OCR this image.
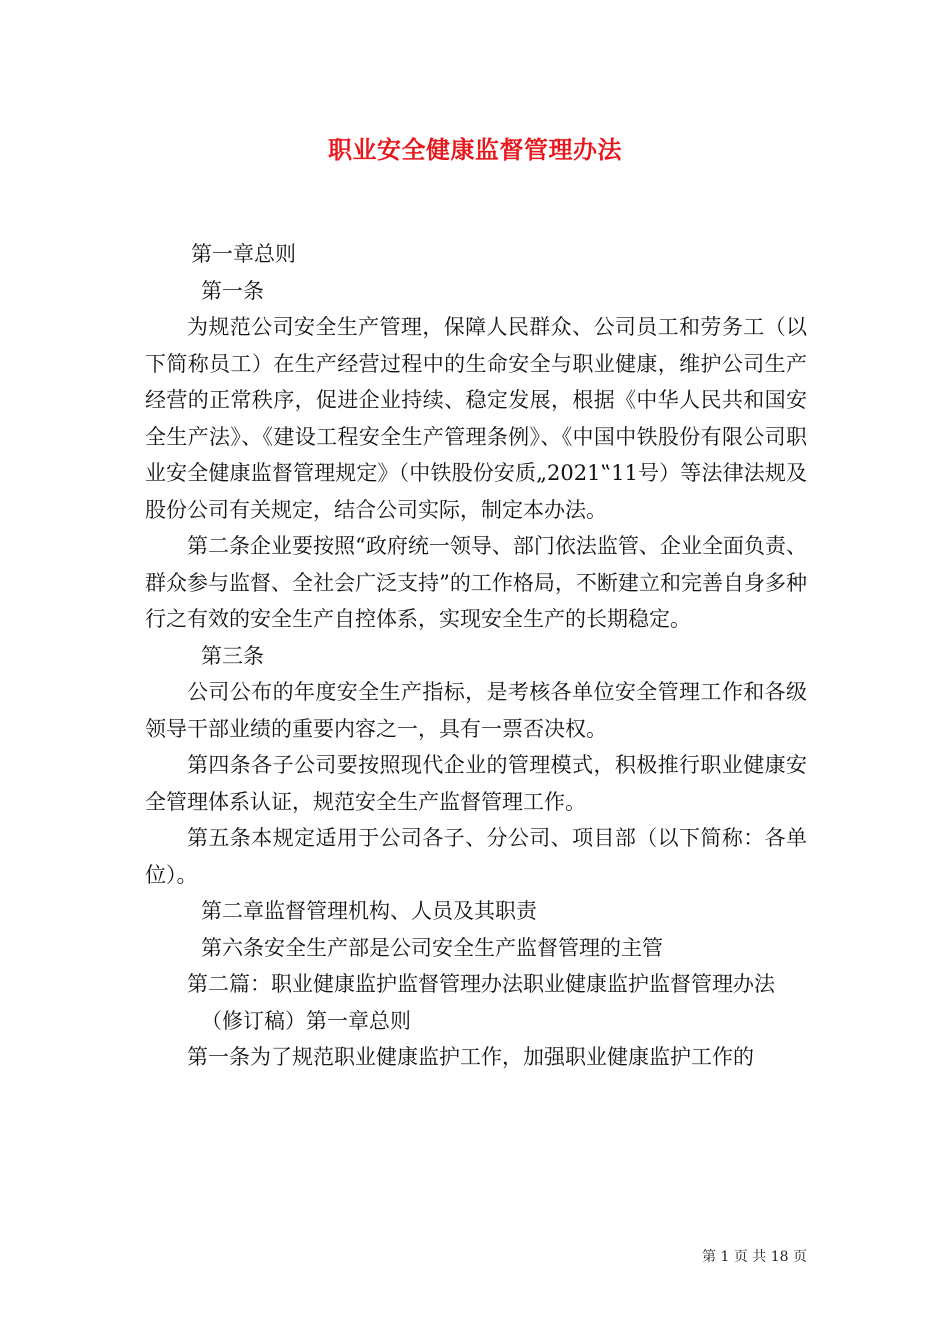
职业安全健康监督管理办法

第一章总则

第一条

为规范公司安全生产管理，保障人民群众、公司员工和劳务工（以下简称员工）在生产经营过程中的生命安全与职业健康，维护公司生产经营的正常秩序，促进企业持续、稳定发展，根据《中华人民共和国安全生产法》、《建设工程安全生产管理条例》、《中国中铁股份有限公司职业安全健康监督管理规定》（中铁股份安质„2021‟11号）等法律法规及股份公司有关规定，结合公司实际，制定本办法。

第二条企业要按照“政府统一领导、部门依法监管、企业全面负责、群众参与监督、全社会广泛支持”的工作格局，不断建立和完善自身多种行之有效的安全生产自控体系，实现安全生产的长期稳定。

第三条

公司公布的年度安全生产指标，是考核各单位安全管理工作和各级领导干部业绩的重要内容之一，具有一票否决权。

第四条各子公司要按照现代企业的管理模式，积极推行职业健康安全管理体系认证，规范安全生产监督管理工作。

第五条本规定适用于公司各子、分公司、项目部（以下简称：各单位）。

第二章监督管理机构、人员及其职责

第六条安全生产部是公司安全生产监督管理的主管

第二篇：职业健康监护监督管理办法职业健康监护监督管理办法

（修订稿）第一章总则

第一条为了规范职业健康监护工作，加强职业健康监护工作的

第 1 页 共 18 页
